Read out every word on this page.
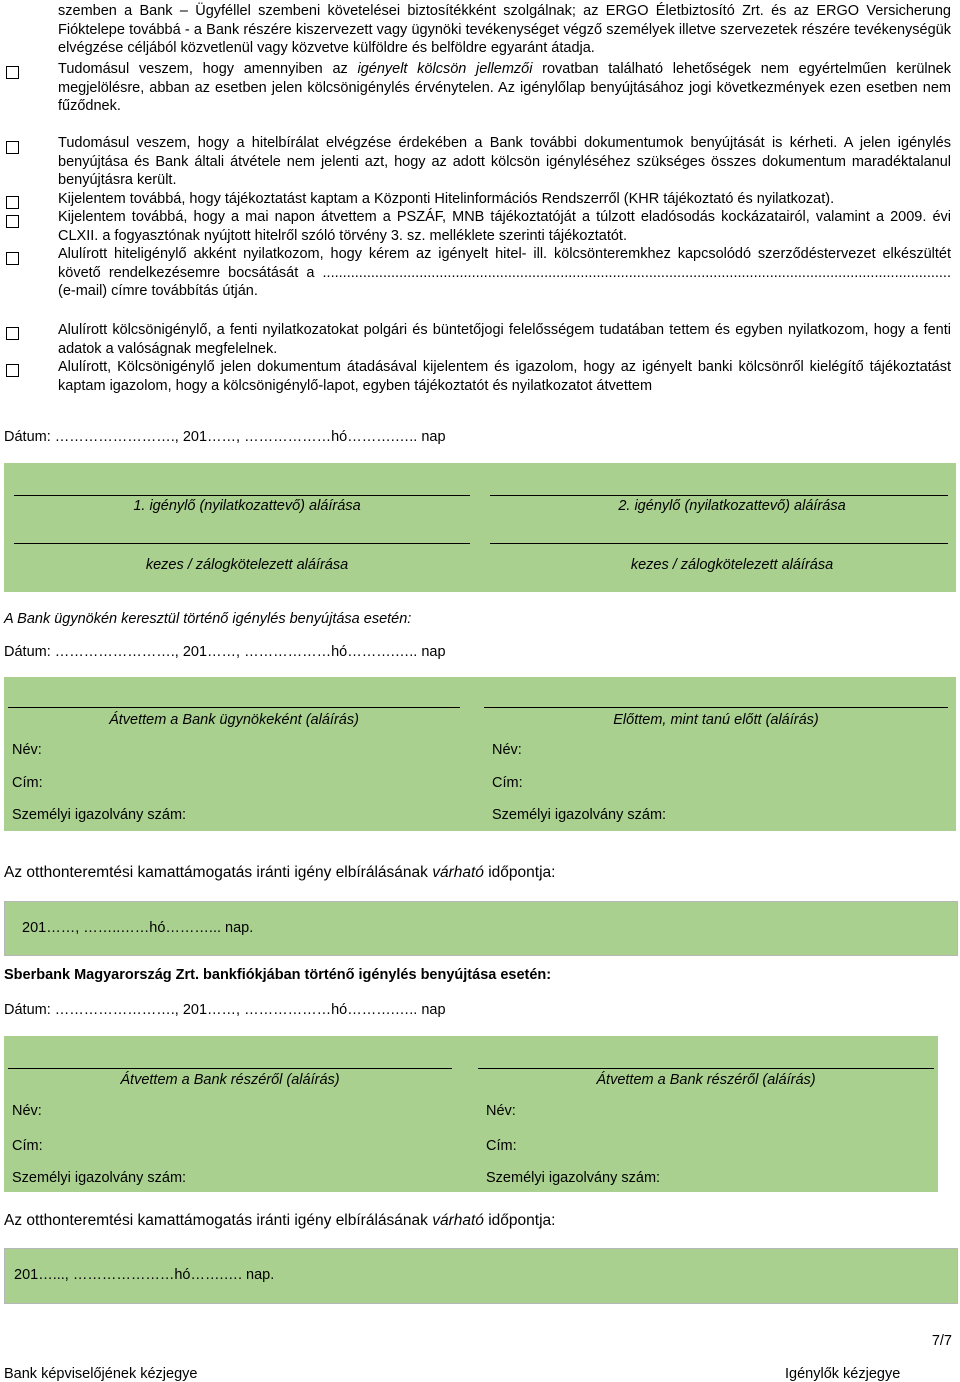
szemben a Bank – Ügyféllel szembeni követelései biztosítékként szolgálnak; az ERGO Életbiztosító Zrt. és az ERGO Versicherung Fióktelepe továbbá - a Bank részére kiszervezett vagy ügynöki tevékenységet végző személyek illetve szervezetek részére tevékenységük elvégzése céljából közvetlenül vagy közvetve külföldre és belföldre egyaránt átadja.
Tudomásul veszem, hogy amennyiben az igényelt kölcsön jellemzői rovatban található lehetőségek nem egyértelműen kerülnek megjelölésre, abban az esetben jelen kölcsönigénylés érvénytelen. Az igénylőlap benyújtásához jogi következmények ezen esetben nem fűződnek.
Tudomásul veszem, hogy a hitelbírálat elvégzése érdekében a Bank további dokumentumok benyújtását is kérheti. A jelen igénylés benyújtása és Bank általi átvétele nem jelenti azt, hogy az adott kölcsön igényléséhez szükséges összes dokumentum maradéktalanul benyújtásra került.
Kijelentem továbbá, hogy tájékoztatást kaptam a Központi Hitelinformációs Rendszerről (KHR tájékoztató és nyilatkozat).
Kijelentem továbbá, hogy a mai napon átvettem a PSZÁF, MNB tájékoztatóját a túlzott eladósodás kockázatairól, valamint a 2009. évi CLXII. a fogyasztónak nyújtott hitelről szóló törvény 3. sz. melléklete szerinti tájékoztatót.
Alulírott hiteligénylő akként nyilatkozom, hogy kérem az igényelt hitel- ill. kölcsönteremkhez kapcsolódó szerződéstervezet elkészültét követő rendelkezésemre bocsátását a ............................................................................................................................................................ (e-mail) címre továbbítás útján.
Alulírott kölcsönigénylő, a fenti nyilatkozatokat polgári és büntetőjogi felelősségem tudatában tettem és egyben nyilatkozom, hogy a fenti adatok a valóságnak megfelelnek.
Alulírott, Kölcsönigénylő jelen dokumentum átadásával kijelentem és igazolom, hogy az igényelt banki kölcsönről kielégítő tájékoztatást kaptam igazolom, hogy a kölcsönigénylő-lapot, egyben tájékoztatót és nyilatkozatot átvettem
Dátum: ……………………., 201……, ………………hó……….….. nap
1. igénylő (nyilatkozattevő) aláírása	2. igénylő (nyilatkozattevő) aláírása
kezes / zálogkötelezett aláírása	kezes / zálogkötelezett aláírása
A Bank ügynökén keresztül történő igénylés benyújtása esetén:
Dátum: ……………………., 201……, ………………hó……….….. nap
Átvettem a Bank ügynökeként (aláírás)	Előttem, mint tanú előtt (aláírás)
Név:	Név:
Cím:	Cím:
Személyi igazolvány szám:	Személyi igazolvány szám:
Az otthonteremtési kamattámogatás iránti igény elbírálásának várható időpontja:
201……, ……..……hó………... nap.
Sberbank Magyarország Zrt. bankfiókjában történő igénylés benyújtása esetén:
Dátum: ……………………., 201……, ………………hó……….….. nap
Átvettem a Bank részéről (aláírás)	Átvettem a Bank részéről (aláírás)
Név:	Név:
Cím:	Cím:
Személyi igazolvány szám:	Személyi igazolvány szám:
Az otthonteremtési kamattámogatás iránti igény elbírálásának várható időpontja:
201…..., …………………hó…….…. nap.
7/7
Bank képviselőjének kézjegye	Igénylők kézjegye
